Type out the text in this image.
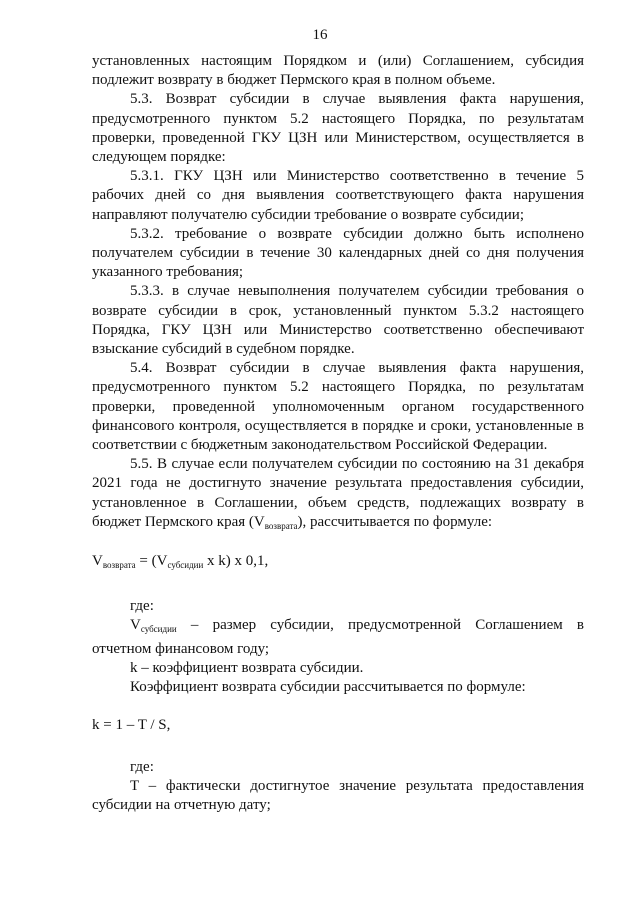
16

установленных настоящим Порядком и (или) Соглашением, субсидия подлежит возврату в бюджет Пермского края в полном объеме.

5.3. Возврат субсидии в случае выявления факта нарушения, предусмотренного пунктом 5.2 настоящего Порядка, по результатам проверки, проведенной ГКУ ЦЗН или Министерством, осуществляется в следующем порядке:

5.3.1. ГКУ ЦЗН или Министерство соответственно в течение 5 рабочих дней со дня выявления соответствующего факта нарушения направляют получателю субсидии требование о возврате субсидии;

5.3.2. требование о возврате субсидии должно быть исполнено получателем субсидии в течение 30 календарных дней со дня получения указанного требования;

5.3.3. в случае невыполнения получателем субсидии требования о возврате субсидии в срок, установленный пунктом 5.3.2 настоящего Порядка, ГКУ ЦЗН или Министерство соответственно обеспечивают взыскание субсидий в судебном порядке.

5.4. Возврат субсидии в случае выявления факта нарушения, предусмотренного пунктом 5.2 настоящего Порядка, по результатам проверки, проведенной уполномоченным органом государственного финансового контроля, осуществляется в порядке и сроки, установленные в соответствии с бюджетным законодательством Российской Федерации.

5.5. В случае если получателем субсидии по состоянию на 31 декабря 2021 года не достигнуто значение результата предоставления субсидии, установленное в Соглашении, объем средств, подлежащих возврату в бюджет Пермского края $(V_{возврата})$, рассчитывается по формуле:

$V_{возврата} = (V_{субсидии}$ x k) x 0,1,

где:

$V_{субсидии}$ – размер субсидии, предусмотренной Соглашением в отчетном финансовом году;

k – коэффициент возврата субсидии.

Коэффициент возврата субсидии рассчитывается по формуле:

k = 1 – T / S,

где:

T – фактически достигнутое значение результата предоставления субсидии на отчетную дату;
